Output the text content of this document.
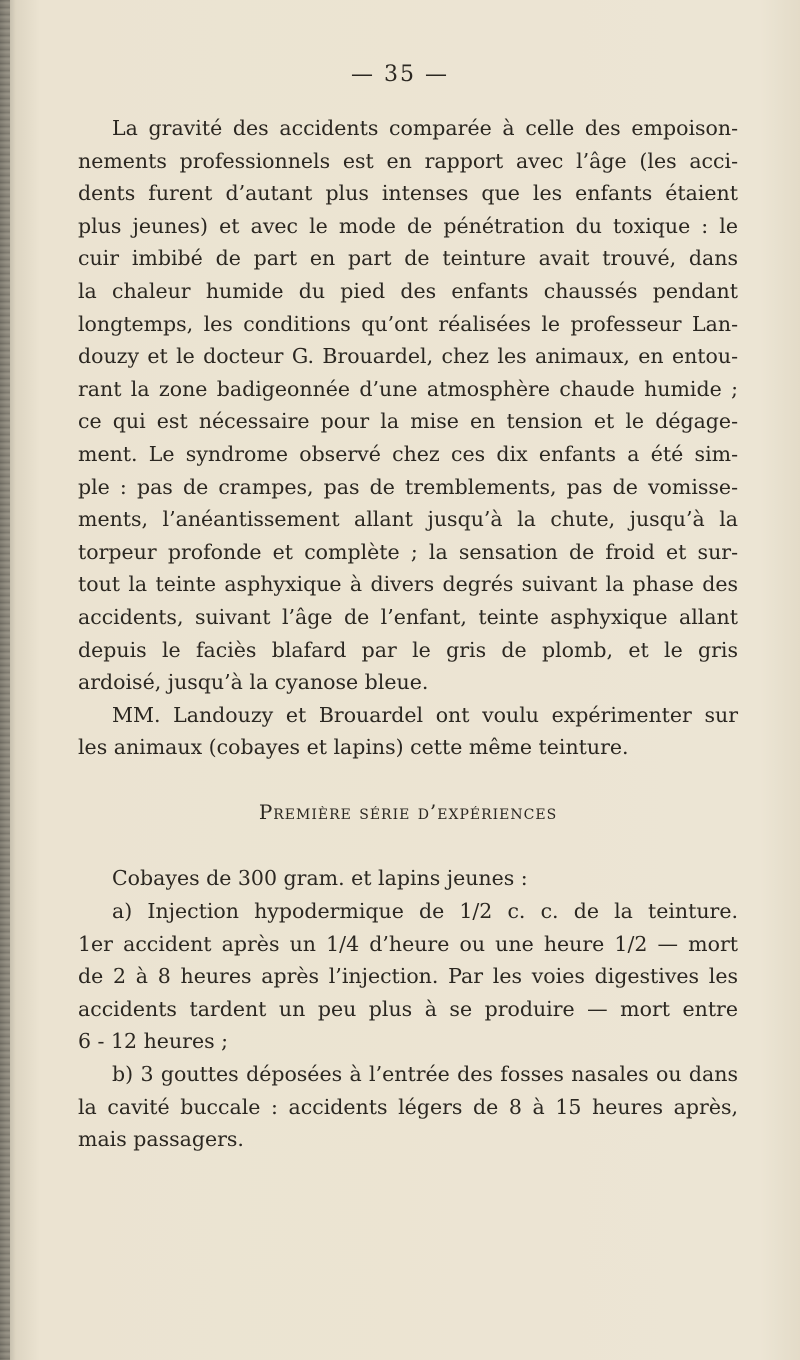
— 35 —
La gravité des accidents comparée à celle des empoison-
nements professionnels est en rapport avec l’âge (les acci-
dents furent d’autant plus intenses que les enfants étaient
plus jeunes) et avec le mode de pénétration du toxique : le
cuir imbibé de part en part de teinture avait trouvé, dans
la chaleur humide du pied des enfants chaussés pendant
longtemps, les conditions qu’ont réalisées le professeur Lan-
douzy et le docteur G. Brouardel, chez les animaux, en entou-
rant la zone badigeonnée d’une atmosphère chaude humide ;
ce qui est nécessaire pour la mise en tension et le dégage-
ment. Le syndrome observé chez ces dix enfants a été sim-
ple : pas de crampes, pas de tremblements, pas de vomisse-
ments, l’anéantissement allant jusqu’à la chute, jusqu’à la
torpeur profonde et complète ; la sensation de froid et sur-
tout la teinte asphyxique à divers degrés suivant la phase des
accidents, suivant l’âge de l’enfant, teinte asphyxique allant
depuis le faciès blafard par le gris de plomb, et le gris
ardoisé, jusqu’à la cyanose bleue.
MM. Landouzy et Brouardel ont voulu expérimenter sur
les animaux (cobayes et lapins) cette même teinture.
Première série d’expériences
Cobayes de 300 gram. et lapins jeunes :
a) Injection hypodermique de 1/2 c. c. de la teinture.
1er accident après un 1/4 d’heure ou une heure 1/2 — mort
de 2 à 8 heures après l’injection. Par les voies digestives les
accidents tardent un peu plus à se produire — mort entre
6 - 12 heures ;
b) 3 gouttes déposées à l’entrée des fosses nasales ou dans
la cavité buccale : accidents légers de 8 à 15 heures après,
mais passagers.
